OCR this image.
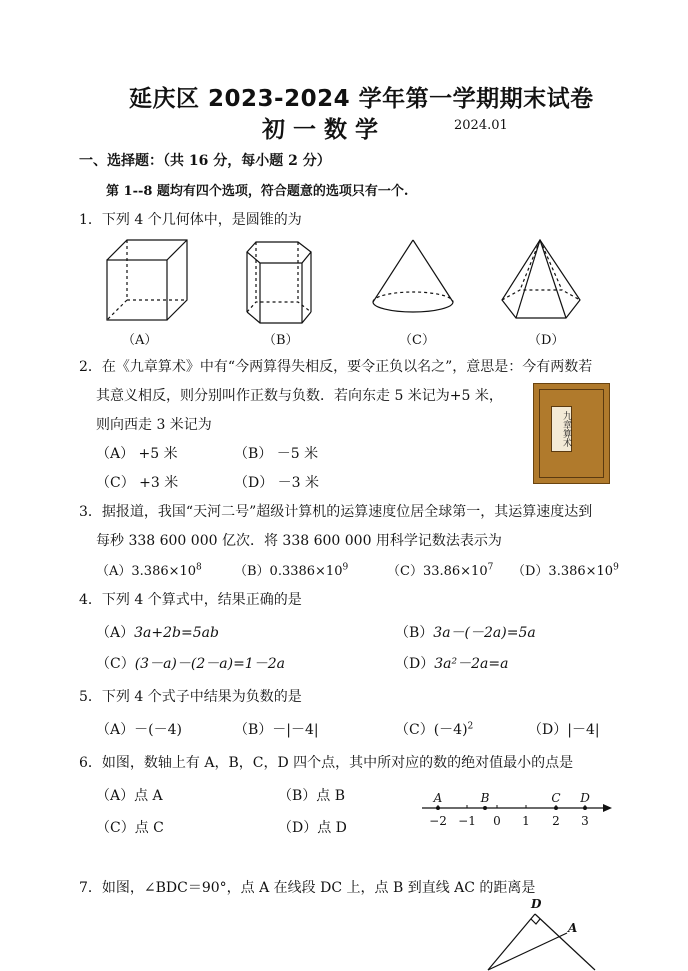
延庆区 2023-2024 学年第一学期期末试卷
初 一 数 学	2024.01
一、选择题：（共 16 分，每小题 2 分）
第 1--8 题均有四个选项，符合题意的选项只有一个.
1．下列 4 个几何体中，是圆锥的为
（A）	（B）	（C）	（D）
2．在《九章算术》中有“今两算得失相反，要令正负以名之”，意思是：今有两数若
其意义相反，则分别叫作正数与负数．若向东走 5 米记为+5 米，
则向西走 3 米记为
（A） +5 米	（B） －5 米
（C） +3 米	（D） －3 米
九章算术
3．据报道，我国“天河二号”超级计算机的运算速度位居全球第一，其运算速度达到
每秒 338 600 000 亿次．将 338 600 000 用科学记数法表示为
$(A)3.386\times 10^8$ $(B)0.3386\times 10^9$	$(C)33.86\times 10^7$ $(D)3.386\times 10^9$
4．下列 4 个算式中，结果正确的是
（A）3a+2b=5ab	（B）3a－(－2a)=5a
（C）(3－a)－(2－a)=1－2a	（D）3a²－2a=a
5．下列 4 个式子中结果为负数的是
（A）－(－4)	（B）－|－4|	$(C)(-4)^2$	（D）|－4|
6．如图，数轴上有 A，B，C，D 四个点，其中所对应的数的绝对值最小的点是
（A）点 A	（B）点 B
（C）点 C	（D）点 D	−2 −1 0 1 2 3
A	B	C D
7．如图，∠BDC＝90°，点 A 在线段 DC 上，点 B 到直线 AC 的距离是
D
A
